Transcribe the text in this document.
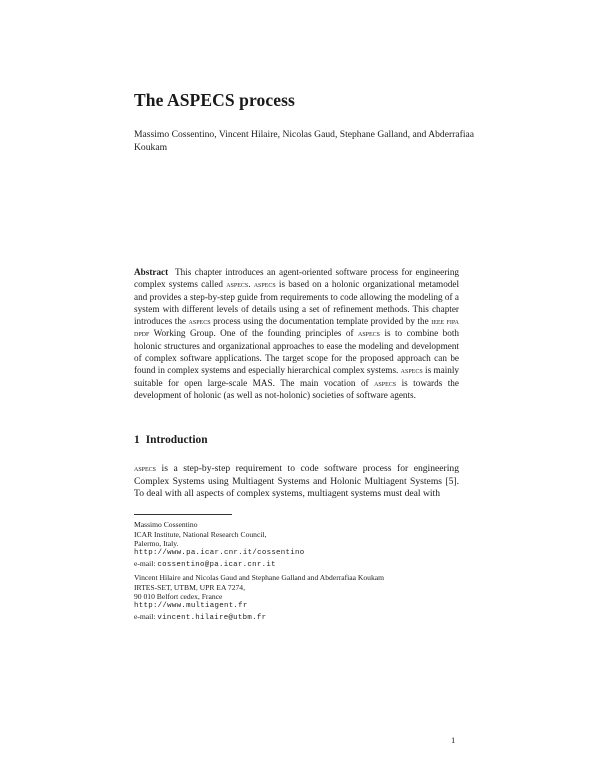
The ASPECS process

Massimo Cossentino, Vincent Hilaire, Nicolas Gaud, Stephane Galland, and Abderrafiaa Koukam

Abstract This chapter introduces an agent-oriented software process for engineering complex systems called aspecs. aspecs is based on a holonic organizational metamodel and provides a step-by-step guide from requirements to code allowing the modeling of a system with different levels of details using a set of refinement methods. This chapter introduces the aspecs process using the documentation template provided by the ieee fipa dpdf Working Group. One of the founding principles of aspecs is to combine both holonic structures and organizational approaches to ease the modeling and development of complex software applications. The target scope for the proposed approach can be found in complex systems and especially hierarchical complex systems. aspecs is mainly suitable for open large-scale MAS. The main vocation of aspecs is towards the development of holonic (as well as not-holonic) societies of software agents.

1 Introduction

aspecs is a step-by-step requirement to code software process for engineering Complex Systems using Multiagent Systems and Holonic Multiagent Systems [5]. To deal with all aspects of complex systems, multiagent systems must deal with

Massimo Cossentino
ICAR Institute, National Research Council,
Palermo, Italy.
http://www.pa.icar.cnr.it/cossentino
e-mail: cossentino@pa.icar.cnr.it
Vincent Hilaire and Nicolas Gaud and Stephane Galland and Abderrafiaa Koukam
IRTES-SET, UTBM, UPR EA 7274,
90 010 Belfort cedex, France
http://www.multiagent.fr
e-mail: vincent.hilaire@utbm.fr

1
